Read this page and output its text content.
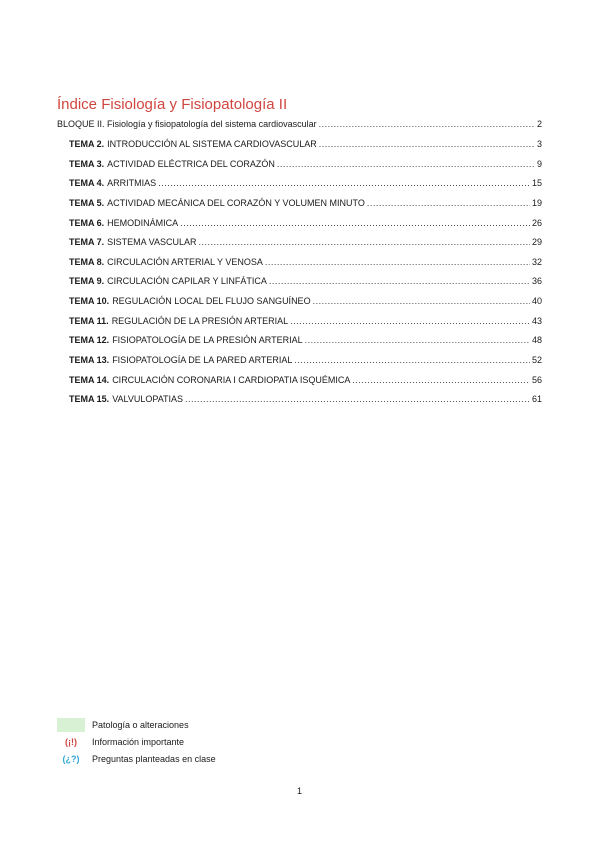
Índice Fisiología y Fisiopatología II
BLOQUE II. Fisiología y fisiopatología del sistema cardiovascular .....	2
TEMA 2. INTRODUCCIÓN AL SISTEMA CARDIOVASCULAR .....	3
TEMA 3. ACTIVIDAD ELÉCTRICA DEL CORAZÓN .....	9
TEMA 4. ARRITMIAS .....	15
TEMA 5. ACTIVIDAD MECÁNICA DEL CORAZÓN Y VOLUMEN MINUTO .....	19
TEMA 6. HEMODINÁMICA .....	26
TEMA 7. SISTEMA VASCULAR .....	29
TEMA 8. CIRCULACIÓN ARTERIAL Y VENOSA .....	32
TEMA 9. CIRCULACIÓN CAPILAR Y LINFÁTICA .....	36
TEMA 10. REGULACIÓN LOCAL DEL FLUJO SANGUÍNEO .....	40
TEMA 11. REGULACIÓN DE LA PRESIÓN ARTERIAL .....	43
TEMA 12. FISIOPATOLOGÍA DE LA PRESIÓN ARTERIAL .....	48
TEMA 13. FISIOPATOLOGÍA DE LA PARED ARTERIAL .....	52
TEMA 14. CIRCULACIÓN CORONARIA I CARDIOPATIA ISQUÉMICA .....	56
TEMA 15. VALVULOPATIAS .....	61
Patología o alteraciones
(¡!)	Información importante
(¿?)	Preguntas planteadas en clase
1
